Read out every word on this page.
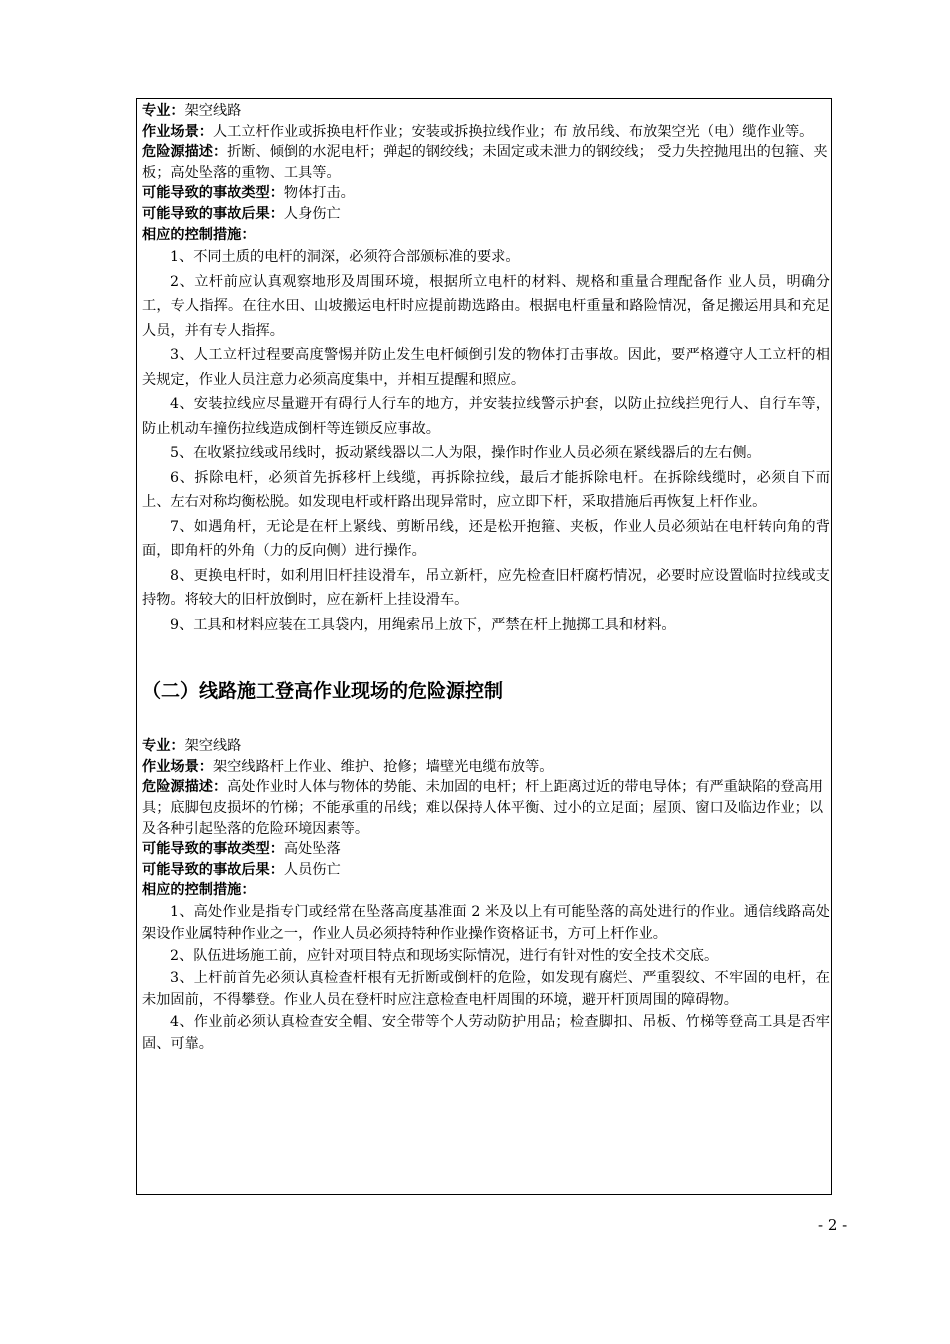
专业：架空线路
作业场景：人工立杆作业或拆换电杆作业；安装或拆换拉线作业；布 放吊线、布放架空光（电）缆作业等。
危险源描述：折断、倾倒的水泥电杆；弹起的钢绞线；未固定或未泄力的钢绞线； 受力失控抛甩出的包箍、夹板；高处坠落的重物、工具等。
可能导致的事故类型：物体打击。
可能导致的事故后果：人身伤亡
相应的控制措施：

1、不同土质的电杆的洞深，必须符合部颁标准的要求。

2、立杆前应认真观察地形及周围环境，根据所立电杆的材料、规格和重量合理配备作 业人员，明确分工，专人指挥。在往水田、山坡搬运电杆时应提前勘选路由。根据电杆重量和路险情况，备足搬运用具和充足人员，并有专人指挥。

3、人工立杆过程要高度警惕并防止发生电杆倾倒引发的物体打击事故。因此，要严格遵守人工立杆的相关规定，作业人员注意力必须高度集中，并相互提醒和照应。

4、安装拉线应尽量避开有碍行人行车的地方，并安装拉线警示护套，以防止拉线拦兜行人、自行车等，防止机动车撞伤拉线造成倒杆等连锁反应事故。

5、在收紧拉线或吊线时，扳动紧线器以二人为限，操作时作业人员必须在紧线器后的左右侧。

6、拆除电杆，必须首先拆移杆上线缆，再拆除拉线，最后才能拆除电杆。在拆除线缆时，必须自下而上、左右对称均衡松脱。如发现电杆或杆路出现异常时，应立即下杆，采取措施后再恢复上杆作业。

7、如遇角杆，无论是在杆上紧线、剪断吊线，还是松开抱箍、夹板，作业人员必须站在电杆转向角的背面，即角杆的外角（力的反向侧）进行操作。

8、更换电杆时，如利用旧杆挂设滑车，吊立新杆，应先检查旧杆腐朽情况，必要时应设置临时拉线或支持物。将较大的旧杆放倒时，应在新杆上挂设滑车。

9、工具和材料应装在工具袋内，用绳索吊上放下，严禁在杆上抛掷工具和材料。

（二）线路施工登高作业现场的危险源控制
专业：架空线路
作业场景：架空线路杆上作业、维护、抢修；墙壁光电缆布放等。
危险源描述：高处作业时人体与物体的势能、未加固的电杆；杆上距离过近的带电导体；有严重缺陷的登高用具；底脚包皮损坏的竹梯；不能承重的吊线；难以保持人体平衡、过小的立足面；屋顶、窗口及临边作业；以及各种引起坠落的危险环境因素等。
可能导致的事故类型：高处坠落
可能导致的事故后果：人员伤亡
相应的控制措施：

1、高处作业是指专门或经常在坠落高度基准面 2 米及以上有可能坠落的高处进行的作业。通信线路高处架设作业属特种作业之一，作业人员必须持特种作业操作资格证书，方可上杆作业。

2、队伍进场施工前，应针对项目特点和现场实际情况，进行有针对性的安全技术交底。

3、上杆前首先必须认真检查杆根有无折断或倒杆的危险，如发现有腐烂、严重裂纹、不牢固的电杆，在未加固前，不得攀登。作业人员在登杆时应注意检查电杆周围的环境，避开杆顶周围的障碍物。

4、作业前必须认真检查安全帽、安全带等个人劳动防护用品；检查脚扣、吊板、竹梯等登高工具是否牢固、可靠。

- 2 -
